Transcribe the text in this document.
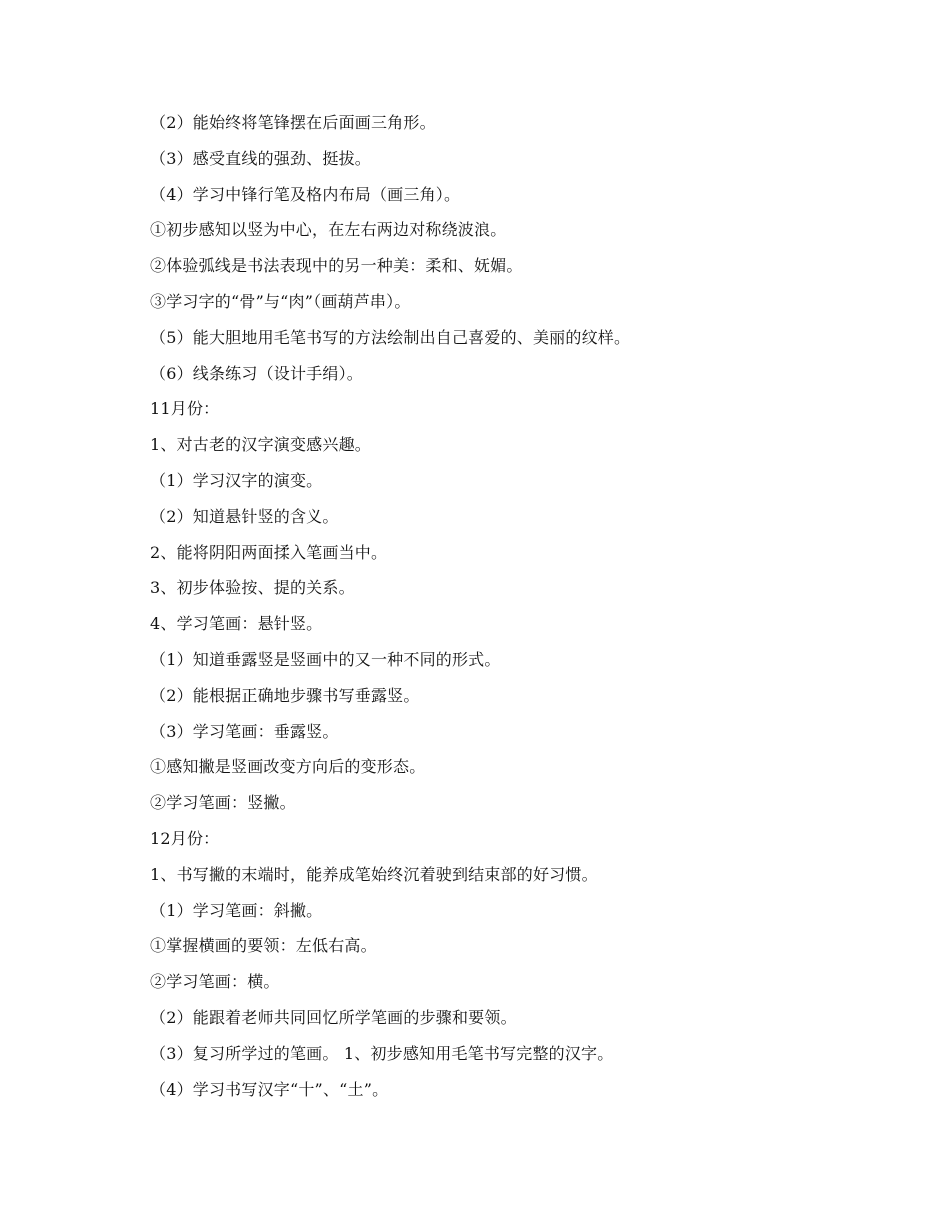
（2）能始终将笔锋摆在后面画三角形。
（3）感受直线的强劲、挺拔。
（4）学习中锋行笔及格内布局（画三角）。
①初步感知以竖为中心，在左右两边对称绕波浪。
②体验弧线是书法表现中的另一种美：柔和、妩媚。
③学习字的“骨”与“肉”（画葫芦串）。
（5）能大胆地用毛笔书写的方法绘制出自己喜爱的、美丽的纹样。
（6）线条练习（设计手绢）。
11月份：
1、对古老的汉字演变感兴趣。
（1）学习汉字的演变。
（2）知道悬针竖的含义。
2、能将阴阳两面揉入笔画当中。
3、初步体验按、提的关系。
4、学习笔画：悬针竖。
（1）知道垂露竖是竖画中的又一种不同的形式。
（2）能根据正确地步骤书写垂露竖。
（3）学习笔画：垂露竖。
①感知撇是竖画改变方向后的变形态。
②学习笔画：竖撇。
12月份：
1、书写撇的末端时，能养成笔始终沉着驶到结束部的好习惯。
（1）学习笔画：斜撇。
①掌握横画的要领：左低右高。
②学习笔画：横。
（2）能跟着老师共同回忆所学笔画的步骤和要领。
（3）复习所学过的笔画。 1、初步感知用毛笔书写完整的汉字。
（4）学习书写汉字“十”、“土”。
